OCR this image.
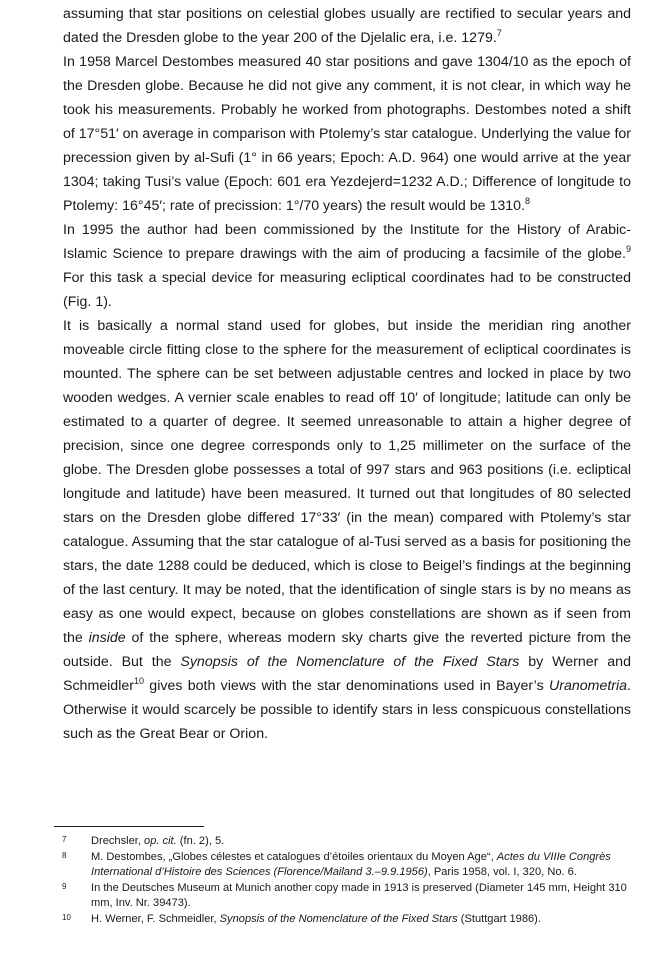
assuming that star positions on celestial globes usually are rectified to secular years and dated the Dresden globe to the year 200 of the Djelalic era, i.e. 1279.$^7$

In 1958 Marcel Destombes measured 40 star positions and gave 1304/10 as the epoch of the Dresden globe. Because he did not give any comment, it is not clear, in which way he took his measurements. Probably he worked from photographs. Destombes noted a shift of 17°51′ on average in comparison with Ptolemy’s star catalogue. Underlying the value for precession given by al-Sufi (1° in 66 years; Epoch: A.D. 964) one would arrive at the year 1304; taking Tusi’s value (Epoch: 601 era Yezdejerd=1232 A.D.; Difference of longitude to Ptolemy: 16°45′; rate of precission: 1°/70 years) the result would be 1310.$^8$

In 1995 the author had been commissioned by the Institute for the History of Arabic-Islamic Science to prepare drawings with the aim of producing a facsimile of the globe.$^9$ For this task a special device for measuring ecliptical coordinates had to be constructed (Fig. 1).

It is basically a normal stand used for globes, but inside the meridian ring another moveable circle fitting close to the sphere for the measurement of ecliptical coordinates is mounted. The sphere can be set between adjustable centres and locked in place by two wooden wedges. A vernier scale enables to read off 10′ of longitude; latitude can only be estimated to a quarter of degree. It seemed unreasonable to attain a higher degree of precision, since one degree corresponds only to 1,25 millimeter on the surface of the globe. The Dresden globe possesses a total of 997 stars and 963 positions (i.e. ecliptical longitude and latitude) have been measured. It turned out that longitudes of 80 selected stars on the Dresden globe differed 17°33′ (in the mean) compared with Ptolemy’s star catalogue. Assuming that the star catalogue of al-Tusi served as a basis for positioning the stars, the date 1288 could be deduced, which is close to Beigel’s findings at the beginning of the last century. It may be noted, that the identification of single stars is by no means as easy as one would expect, because on globes constellations are shown as if seen from the inside of the sphere, whereas modern sky charts give the reverted picture from the outside. But the Synopsis of the Nomenclature of the Fixed Stars by Werner and Schmeidler$^{10}$ gives both views with the star denominations used in Bayer’s Uranometria. Otherwise it would scarcely be possible to identify stars in less conspicuous constellations such as the Great Bear or Orion.

7	Drechsler, op. cit. (fn. 2), 5.
8	M. Destombes, „Globes célestes et catalogues d’étoiles orientaux du Moyen Age“, Actes du VIIIe Congrès International d’Histoire des Sciences (Florence/Mailand 3.–9.9.1956), Paris 1958, vol. I, 320, No. 6.
9	In the Deutsches Museum at Munich another copy made in 1913 is preserved (Diameter 145 mm, Height 310 mm, Inv. Nr. 39473).
10	H. Werner, F. Schmeidler, Synopsis of the Nomenclature of the Fixed Stars (Stuttgart 1986).
